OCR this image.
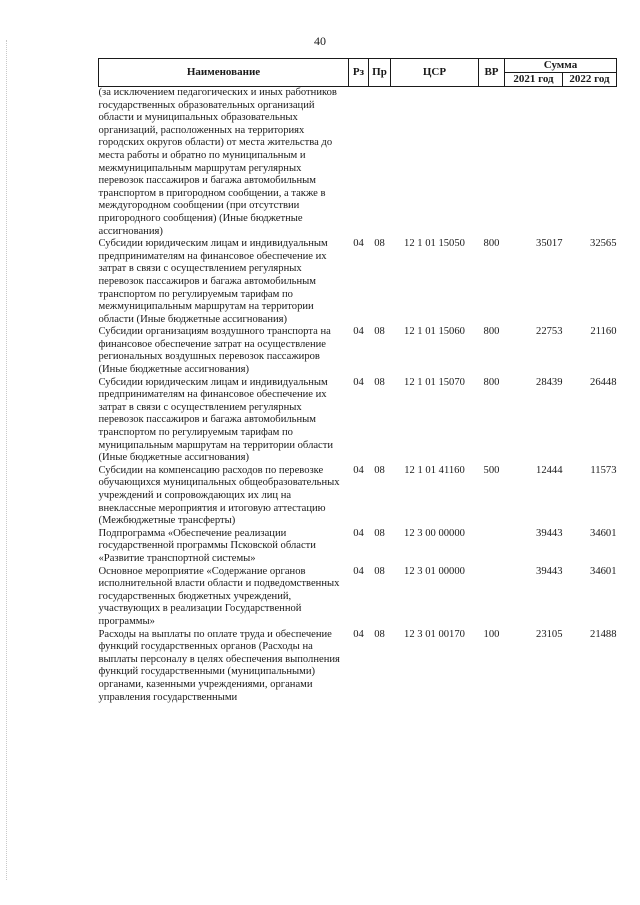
40
Наименование	Рз	Пр	ЦСР	ВР	Сумма	
					2021 год	2022 год
(за исключением педагогических и иных работников государственных образовательных организаций области и муниципальных образовательных организаций, расположенных на территориях городских округов области) от места жительства до места работы и обратно по муниципальным и межмуниципальным маршрутам регулярных перевозок пассажиров и багажа автомобильным транспортом в пригородном сообщении, а также в междугородном сообщении (при отсутствии пригородного сообщения) (Иные бюджетные ассигнования)						
Субсидии юридическим лицам и индивидуальным предпринимателям на финансовое обеспечение их затрат в связи с осуществлением регулярных перевозок пассажиров и багажа автомобильным транспортом по регулируемым тарифам по межмуниципальным маршрутам на территории области (Иные бюджетные ассигнования)	04	08	12 1 01 15050	800	35017	32565
Субсидии организациям воздушного транспорта на финансовое обеспечение затрат на осуществление региональных воздушных перевозок пассажиров (Иные бюджетные ассигнования)	04	08	12 1 01 15060	800	22753	21160
Субсидии юридическим лицам и индивидуальным предпринимателям на финансовое обеспечение их затрат в связи с осуществлением регулярных перевозок пассажиров и багажа автомобильным транспортом по регулируемым тарифам по муниципальным маршрутам на территории области (Иные бюджетные ассигнования)	04	08	12 1 01 15070	800	28439	26448
Субсидии на компенсацию расходов по перевозке обучающихся муниципальных общеобразовательных учреждений и сопровождающих их лиц на внеклассные мероприятия и итоговую аттестацию (Межбюджетные трансферты)	04	08	12 1 01 41160	500	12444	11573
Подпрограмма «Обеспечение реализации государственной программы Псковской области «Развитие транспортной системы»	04	08	12 3 00 00000		39443	34601
Основное мероприятие «Содержание органов исполнительной власти области и подведомственных государственных бюджетных учреждений, участвующих в реализации Государственной программы»	04	08	12 3 01 00000		39443	34601
Расходы на выплаты по оплате труда и обеспечение функций государственных органов (Расходы на выплаты персоналу в целях обеспечения выполнения функций государственными (муниципальными) органами, казенными учреждениями, органами управления государственными	04	08	12 3 01 00170	100	23105	21488
